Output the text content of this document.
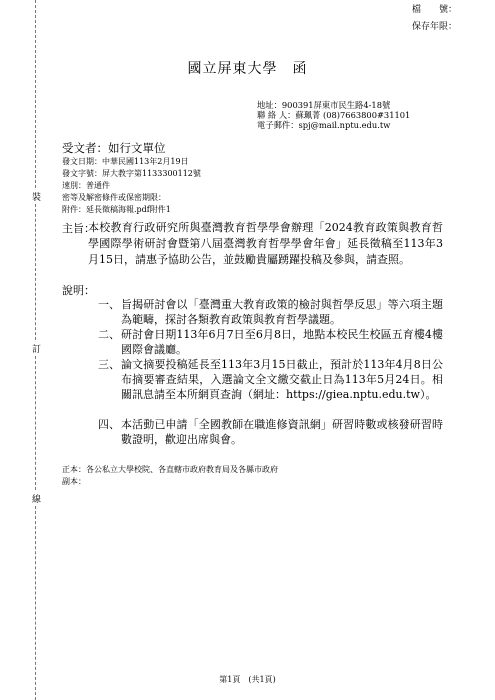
檔　　號：
保存年限：
國立屏東大學　函
地址：900391屏東市民生路4-18號
聯 絡 人：蘇珮菁 (08)7663800#31101
電子郵件：spj@mail.nptu.edu.tw
受文者：如行文單位
發文日期：中華民國113年2月19日
發文字號：屏大教字第1133300112號
速別：普通件
密等及解密條件或保密期限：
附件：延長徵稿海報.pdf附件1
主旨：
本校教育行政研究所與臺灣教育哲學學會辦理「2024教育政策與教育哲學國際學術研討會暨第八屆臺灣教育哲學學會年會」延長徵稿至113年3月15日，請惠予協助公告，並鼓勵貴屬踴躍投稿及參與，請查照。
說明：
一、 旨揭研討會以「臺灣重大教育政策的檢討與哲學反思」等六項主題為範疇，探討各類教育政策與教育哲學議題。
二、 研討會日期113年6月7日至6月8日，地點本校民生校區五育樓4樓國際會議廳。
三、 論文摘要投稿延長至113年3月15日截止，預計於113年4月8日公布摘要審查結果，入選論文全文繳交截止日為113年5月24日。相關訊息請至本所網頁查詢（網址：https://giea.nptu.edu.tw）。
四、 本活動已申請「全國教師在職進修資訊網」研習時數或核發研習時數證明，歡迎出席與會。
裝
訂
線
正本：各公私立大學校院、各直轄市政府教育局及各縣市政府
副本：
第1頁　(共1頁)
